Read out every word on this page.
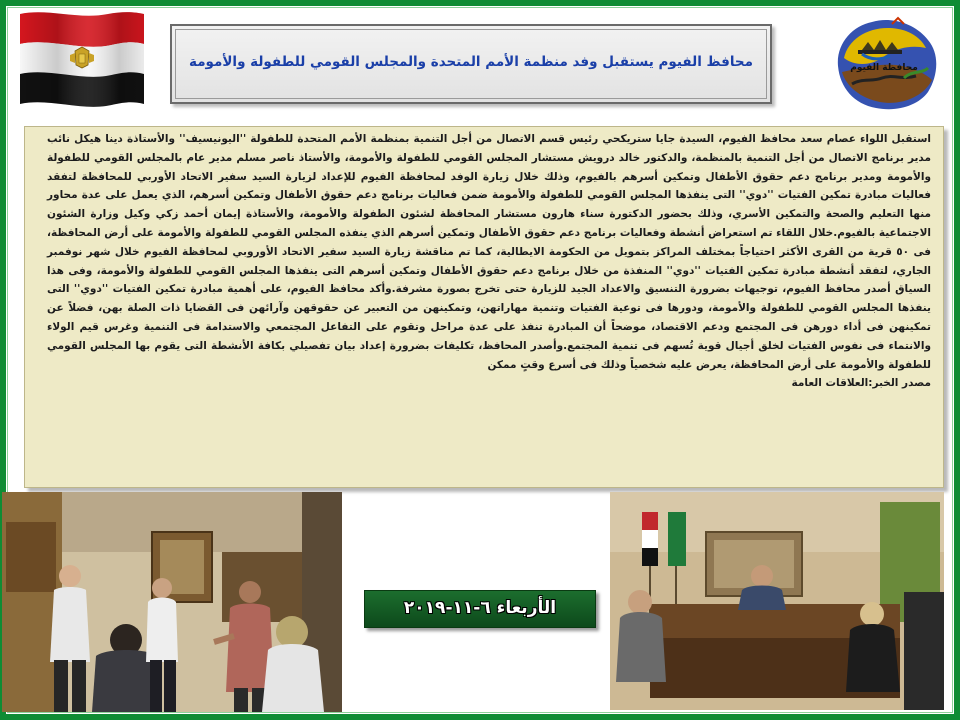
محافظة الفيوم
محافظ الفيوم يستقبل وفد منظمة الأمم المتحدة والمجلس القومي للطفولة والأمومة
استقبل اللواء عصام سعد محافظ الفيوم، السيدة جايا ستريكحي رئيس قسم الاتصال من أجل التنمية بمنظمة الأمم المتحدة للطفولة ''اليونيسيف'' والأستاذة دينا هيكل نائب مدير برنامج الاتصال من أجل التنمية بالمنظمة، والدكتور خالد درويش مستشار المجلس القومي للطفولة والأمومة، والأستاذ ناصر مسلم مدير عام بالمجلس القومي للطفولة والأمومة ومدير برنامج دعم حقوق الأطفال وتمكين أسرهم بالفيوم، وذلك خلال زيارة الوفد لمحافظة الفيوم للإعداد لزيارة السيد سفير الاتحاد الأوربي للمحافظة لتفقد فعاليات مبادرة تمكين الفتيات ''دوي'' التى ينفذها المجلس القومي للطفولة والأمومة ضمن فعاليات برنامج دعم حقوق الأطفال وتمكين أسرهم، الذي يعمل على عدة محاور منها التعليم والصحة والتمكين الأسري، وذلك بحضور الدكتورة سناء هارون مستشار المحافظة لشئون الطفولة والأمومة، والأستاذة إيمان أحمد زكي وكيل وزارة الشئون الاجتماعية بالفيوم.خلال اللقاء تم استعراض أنشطة وفعاليات برنامج دعم حقوق الأطفال وتمكين أسرهم الذي ينفذه المجلس القومي للطفولة والأمومة على أرض المحافظة، فى ٥٠ قرية من القرى الأكثر احتياجاً بمختلف المراكز بتمويل من الحكومة الايطالية، كما تم مناقشة زيارة السيد سفير الاتحاد الأوروبي لمحافظة الفيوم خلال شهر نوفمبر الجاري، لتفقد أنشطة مبادرة تمكين الفتيات ''دوي'' المنفذة من خلال برنامج دعم حقوق الأطفال وتمكين أسرهم التى ينفذها المجلس القومي للطفولة والأمومة، وفى هذا السياق أصدر محافظ الفيوم، توجيهات بضرورة التنسيق والاعداد الجيد للزيارة حتى تخرج بصورة مشرفة.وأكد محافظ الفيوم، على أهمية مبادرة تمكين الفتيات ''دوي'' التى ينفذها المجلس القومي للطفولة والأمومة، ودورها فى توعية الفتيات وتنمية مهاراتهن، وتمكينهن من التعبير عن حقوقهن وآرائهن فى القضايا ذات الصلة بهن، فضلاً عن تمكينهن فى أداء دورهن فى المجتمع ودعم الاقتصاد، موضحاً أن المبادرة تنفذ على عدة مراحل وتقوم على التفاعل المجتمعي والاستدامة فى التنمية وغرس قيم الولاء والانتماء فى نفوس الفتيات لخلق أجيال قوية تُسهم فى تنمية المجتمع.وأصدر المحافظ، تكليفات بضرورة إعداد بيان تفصيلي بكافة الأنشطة التى يقوم بها المجلس القومي للطفولة والأمومة على أرض المحافظة، يعرض عليه شخصياً وذلك فى أسرع وقتٍ ممكن
مصدر الخبر:العلاقات العامة
الأربعاء ٦-١١-٢٠١٩
